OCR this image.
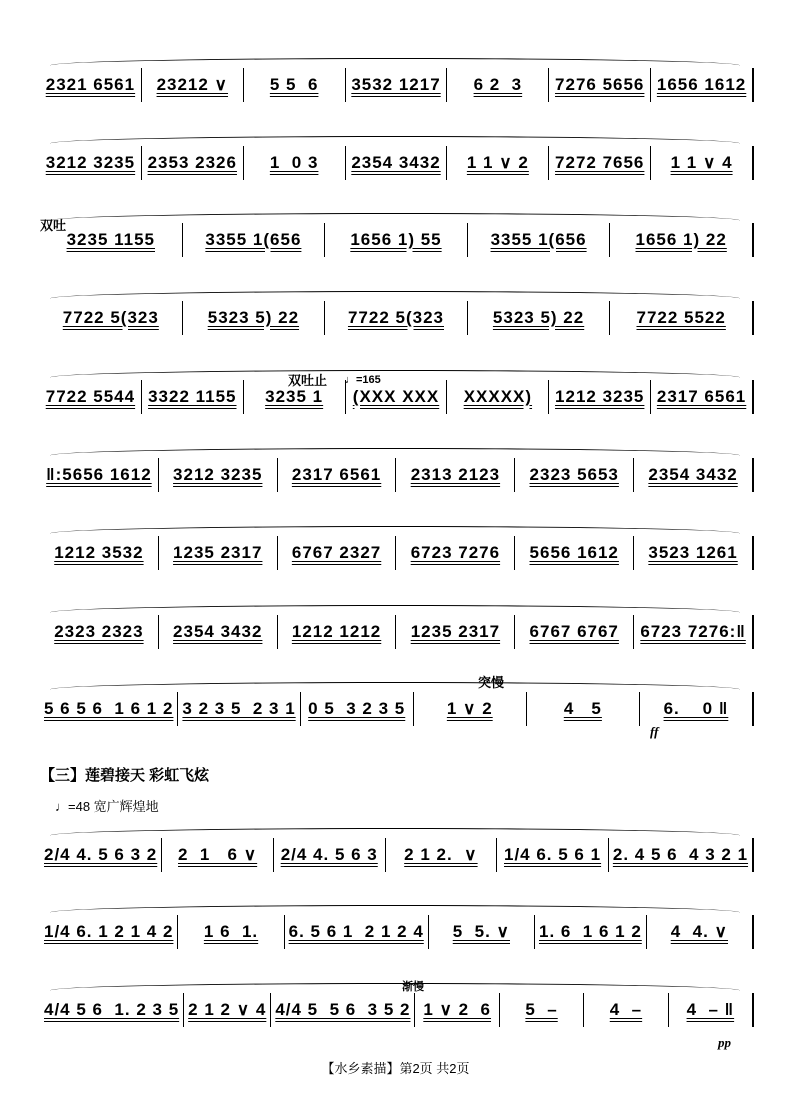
2321 6561 23212 ∨ 5 5  6 3532 1217 6 2  3 7276 5656 1656 1612
3212 3235 2353 2326 1  0 3 2354 3432 1 1 ∨ 2 7272 7656 1 1 ∨ 4
3235 1155	3355 1(656	1656 1) 55	3355 1(656	1656 1) 22
7722 5(323	5323 5) 22	7722 5(323	5323 5) 22	7722 5522
7722 5544 3322 1155 3235 1 (XXX XXX XXXXX) 1212 3235 2317 6561
‖:5656 1612 3212 3235 2317 6561 2313 2123 2323 5653 2354 3432
1212 3532 1235 2317 6767 2327 6723 7276 5656 1612 3523 1261
2323 2323 2354 3432 1212 1212 1235 2317 6767 6767 6723 7276:‖
5 6 5 6  1 6 1 2 3 2 3 5  2 3 1 0 5  3 2 3 5 1 ∨ 2	4   5	6.    0 ‖
2/4 4. 5 6 3 2 2  1   6 ∨ 2/4 4. 5 6 3 2 1 2.  ∨ 1/4 6. 5 6 1 2. 4 5 6  4 3 2 1
1/4 6. 1 2 1 4 2 1 6  1. 6. 5 6 1  2 1 2 4 5  5. ∨ 1. 6  1 6 1 2 4  4. ∨
4/4 5 6  1. 2 3 5 2 1 2 ∨ 4 4/4 5  5 6  3 5 2 1 ∨ 2  6 5  –	4  –	4  – ‖
双吐
双吐止 ♩=165
突慢
ff
渐慢
pp
【三】莲碧接天 彩虹飞炫
♩=48 宽广辉煌地
【水乡素描】第2页 共2页
